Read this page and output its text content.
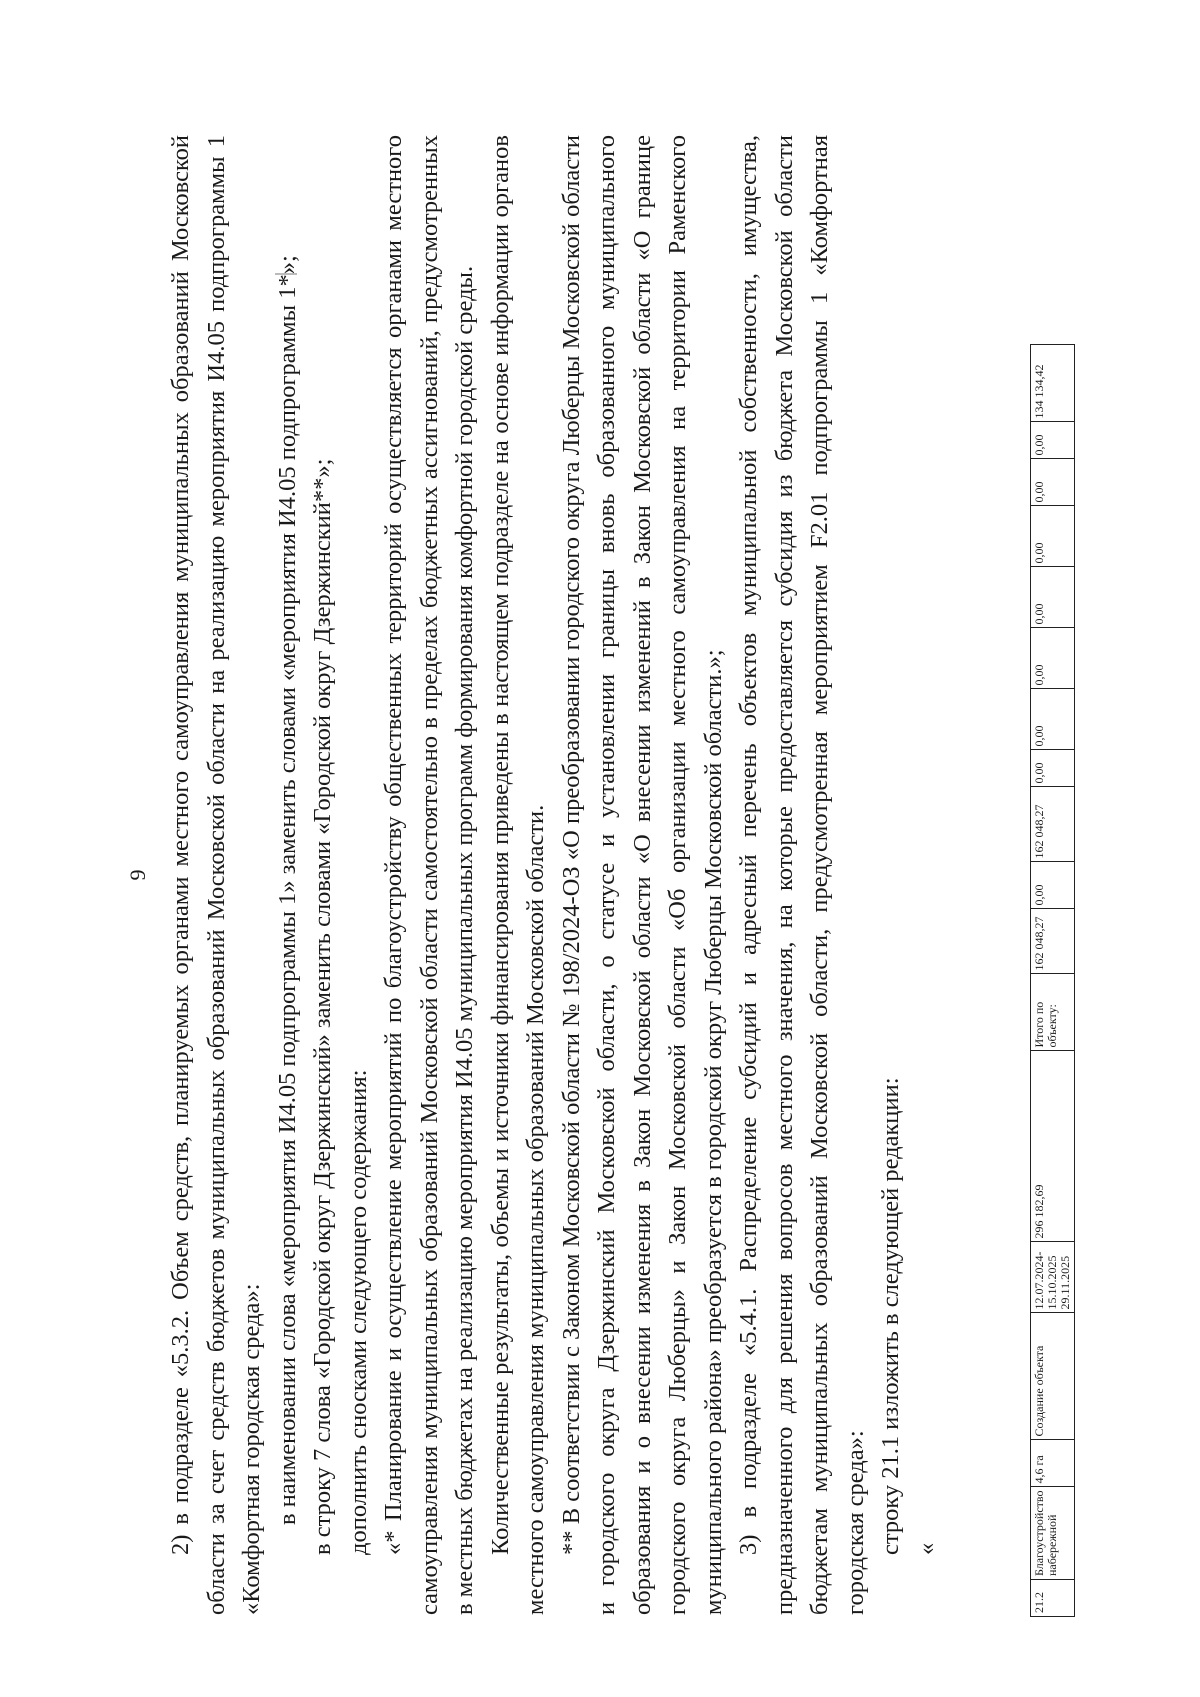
9 2) в подразделе «5.3.2. Объем средств, планируемых органами местного самоуправления муниципальных образований Московской области за счет средств бюджетов муниципальных образований Московской области на реализацию мероприятия И4.05 подпрограммы 1 «Комфортная городская среда»: в наименовании слова «мероприятия И4.05 подпрограммы 1» заменить словами «мероприятия И4.05 подпрограммы 1*»; в строку 7 слова «Городской округ Дзержинский» заменить словами «Городской округ Дзержинский**»; дополнить сносками следующего содержания: «* Планирование и осуществление мероприятий по благоустройству общественных территорий осуществляется органами местного самоуправления муниципальных образований Московской области самостоятельно в пределах бюджетных ассигнований, предусмотренных в местных бюджетах на реализацию мероприятия И4.05 муниципальных программ формирования комфортной городской среды. Количественные результаты, объемы и источники финансирования приведены в настоящем подразделе на основе информации органов местного самоуправления муниципальных образований Московской области. ** В соответствии с Законом Московской области № 198/2024-ОЗ «О преобразовании городского округа Люберцы Московской области и городского округа Дзержинский Московской области, о статусе и установлении границы вновь образованного муниципального образования и о внесении изменения в Закон Московской области «О внесении изменений в Закон Московской области «О границе городского округа Люберцы» и Закон Московской области «Об организации местного самоуправления на территории Раменского муниципального района» преобразуется в городской округ Люберцы Московской области.»; 3) в подразделе «5.4.1. Распределение субсидий и адресный перечень объектов муниципальной собственности, имущества, предназначенного для решения вопросов местного значения, на которые предоставляется субсидия из бюджета Московской области бюджетам муниципальных образований Московской области, предусмотренная мероприятием F2.01 подпрограммы 1 «Комфортная городская среда»: строку 21.1 изложить в следующей редакции: «

21.2	Благоустройство набережной	4,6 га	Создание объекта	12.07.2024-
15.10.2025
29.11.2025	296 182,69	Итого по объекту:	162 048,27	0,00	162 048,27	0,00	0,00	0,00	0,00	0,00	0,00	0,00	134 134,42
